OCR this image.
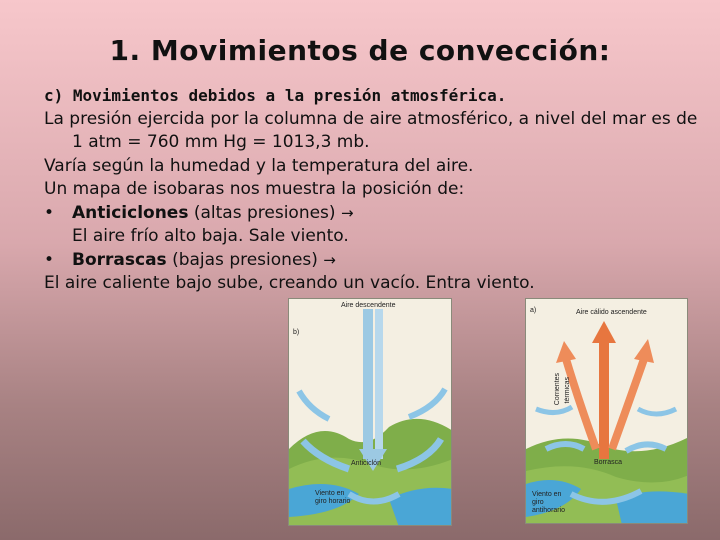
1. Movimientos de convección:
c) Movimientos debidos a la presión atmosférica.
La presión ejercida por la columna de aire atmosférico, a nivel del mar es de 1 atm = 760 mm Hg = 1013,3 mb.
Varía según la humedad y la temperatura del aire.
Un mapa de isobaras nos muestra la posición de:
•	Anticiclones (altas presiones) →
El aire frío alto baja. Sale viento.
•	Borrascas (bajas presiones) →
El aire caliente bajo sube, creando un vacío. Entra viento.
b)
Aire descendente
Anticiclón
Viento en
giro horario
a)	Aire cálido ascendente
Corrientes térmicas
Borrasca
Viento en
giro
antihorario
